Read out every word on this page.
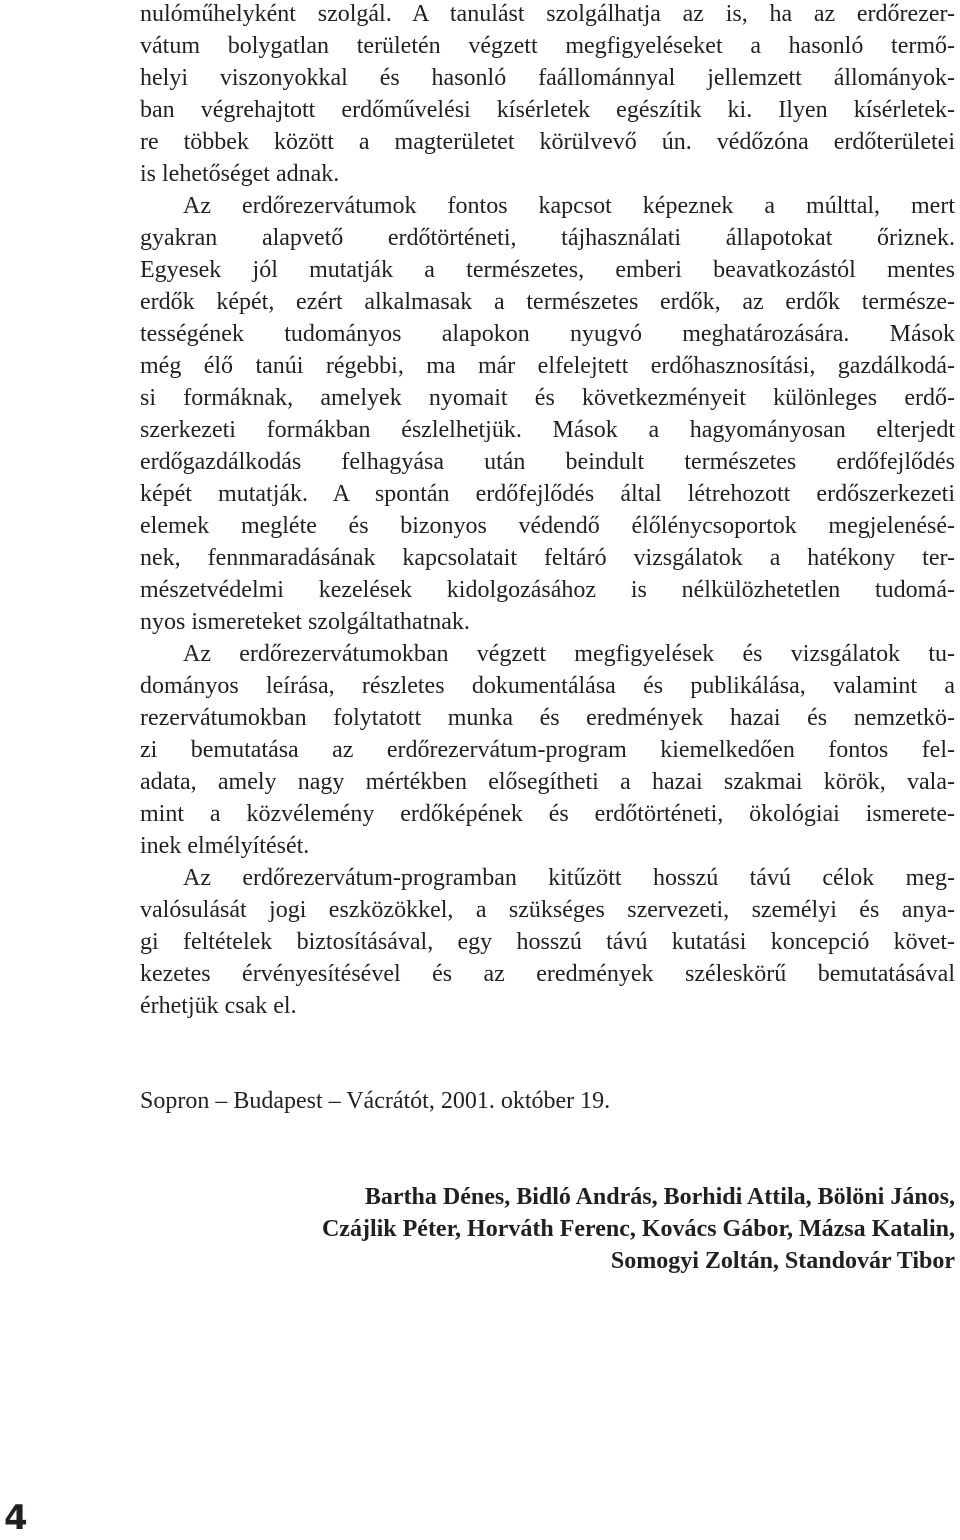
nulóműhelyként szolgál. A tanulást szolgálhatja az is, ha az erdőrezer-
vátum bolygatlan területén végzett megfigyeléseket a hasonló termő-
helyi viszonyokkal és hasonló faállománnyal jellemzett állományok-
ban végrehajtott erdőművelési kísérletek egészítik ki. Ilyen kísérletek-
re többek között a magterületet körülvevő ún. védőzóna erdőterületei
is lehetőséget adnak.
Az erdőrezervátumok fontos kapcsot képeznek a múlttal, mert
gyakran alapvető erdőtörténeti, tájhasználati állapotokat őriznek.
Egyesek jól mutatják a természetes, emberi beavatkozástól mentes
erdők képét, ezért alkalmasak a természetes erdők, az erdők természe-
tességének tudományos alapokon nyugvó meghatározására. Mások
még élő tanúi régebbi, ma már elfelejtett erdőhasznosítási, gazdálkodá-
si formáknak, amelyek nyomait és következményeit különleges erdő-
szerkezeti formákban észlelhetjük. Mások a hagyományosan elterjedt
erdőgazdálkodás felhagyása után beindult természetes erdőfejlődés
képét mutatják. A spontán erdőfejlődés által létrehozott erdőszerkezeti
elemek megléte és bizonyos védendő élőlénycsoportok megjelenésé-
nek, fennmaradásának kapcsolatait feltáró vizsgálatok a hatékony ter-
mészetvédelmi kezelések kidolgozásához is nélkülözhetetlen tudomá-
nyos ismereteket szolgáltathatnak.
Az erdőrezervátumokban végzett megfigyelések és vizsgálatok tu-
dományos leírása, részletes dokumentálása és publikálása, valamint a
rezervátumokban folytatott munka és eredmények hazai és nemzetkö-
zi bemutatása az erdőrezervátum-program kiemelkedően fontos fel-
adata, amely nagy mértékben elősegítheti a hazai szakmai körök, vala-
mint a közvélemény erdőképének és erdőtörténeti, ökológiai ismerete-
inek elmélyítését.
Az erdőrezervátum-programban kitűzött hosszú távú célok meg-
valósulását jogi eszközökkel, a szükséges szervezeti, személyi és anya-
gi feltételek biztosításával, egy hosszú távú kutatási koncepció követ-
kezetes érvényesítésével és az eredmények széleskörű bemutatásával
érhetjük csak el.
Sopron – Budapest – Vácrátót, 2001. október 19.
Bartha Dénes, Bidló András, Borhidi Attila, Bölöni János,
Czájlik Péter, Horváth Ferenc, Kovács Gábor, Mázsa Katalin,
Somogyi Zoltán, Standovár Tibor
4
